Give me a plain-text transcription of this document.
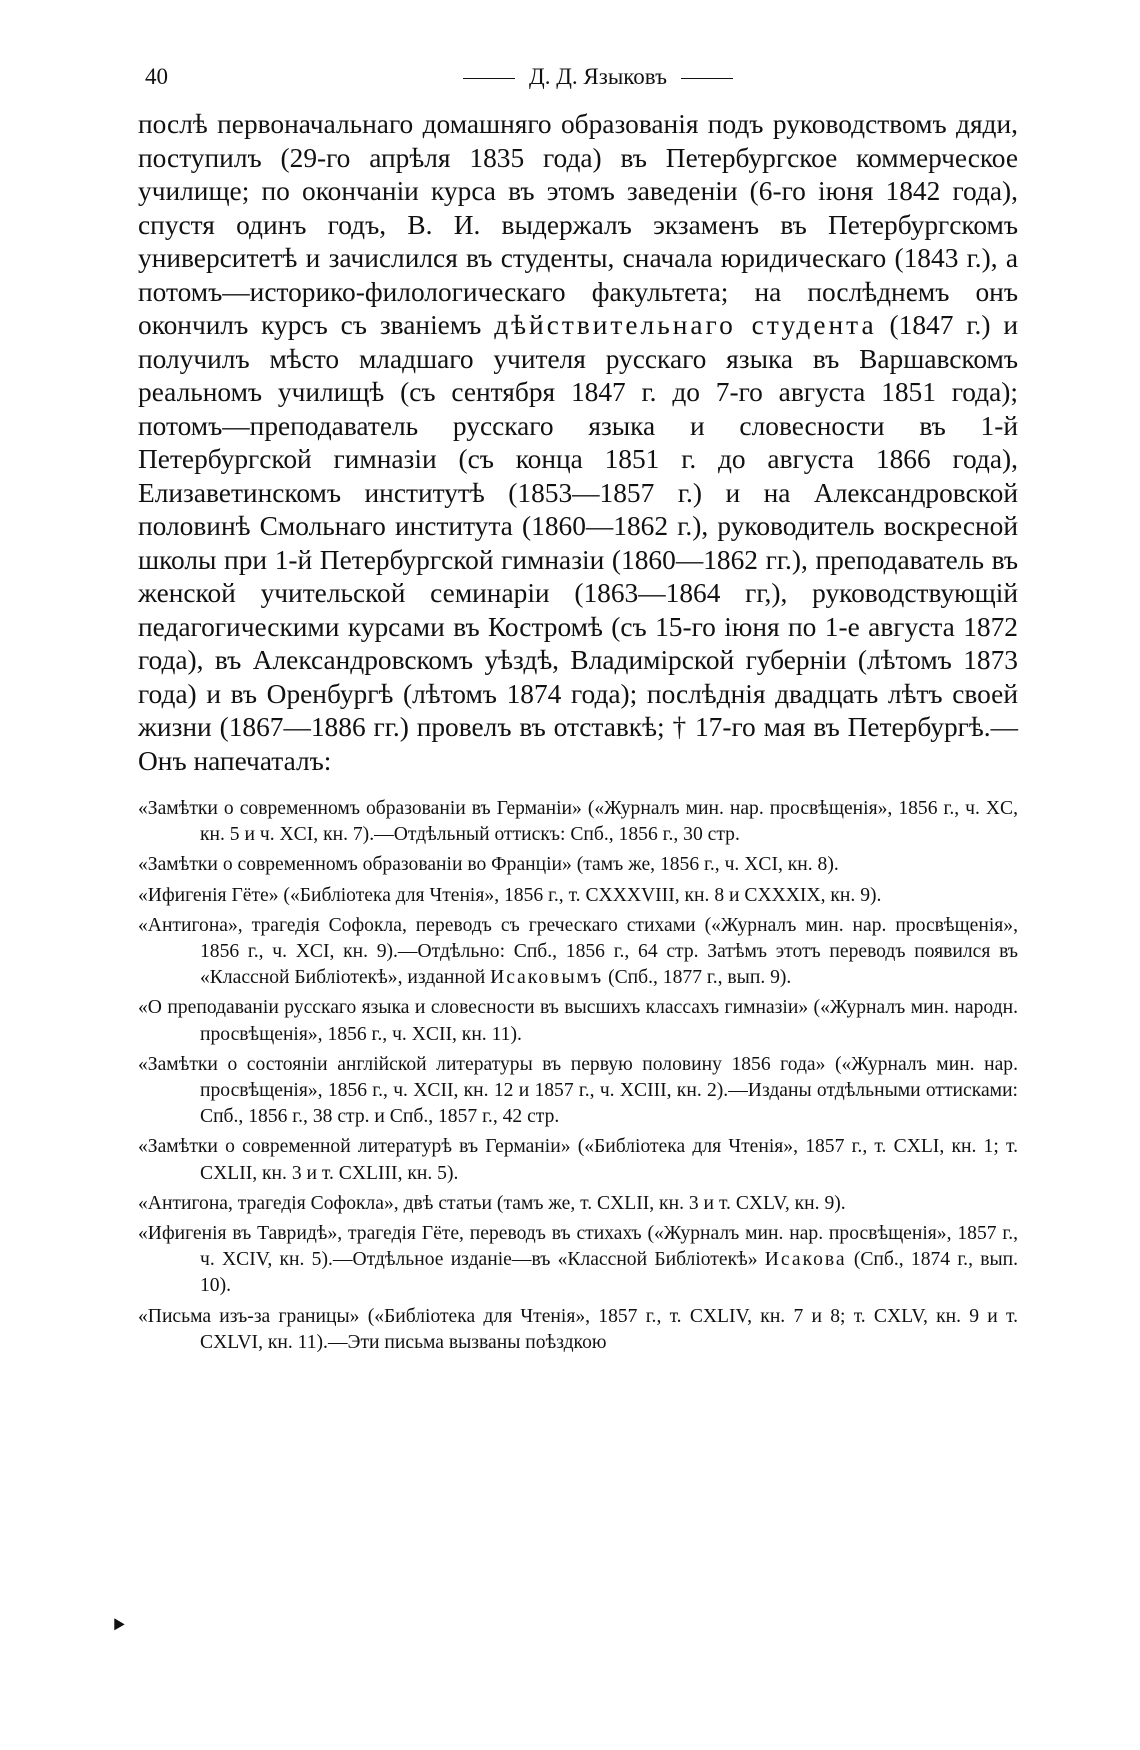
40	Д. Д. Языковъ

послѣ первоначальнаго домашняго образованія подъ руководствомъ дяди, поступилъ (29-го апрѣля 1835 года) въ Петербургское коммерческое училище; по окончаніи курса въ этомъ заведеніи (6-го іюня 1842 года), спустя одинъ годъ, В. И. выдержалъ экзаменъ въ Петербургскомъ университетѣ и зачислился въ студенты, сначала юридическаго (1843 г.), а потомъ—историко-филологическаго факультета; на послѣднемъ онъ окончилъ курсъ съ званіемъ дѣйствительнаго студента (1847 г.) и получилъ мѣсто младшаго учителя русскаго языка въ Варшавскомъ реальномъ училищѣ (съ сентября 1847 г. до 7-го августа 1851 года); потомъ—преподаватель русскаго языка и словесности въ 1-й Петербургской гимназіи (съ конца 1851 г. до августа 1866 года), Елизаветинскомъ институтѣ (1853—1857 г.) и на Александровской половинѣ Смольнаго института (1860—1862 г.), руководитель воскресной школы при 1-й Петербургской гимназіи (1860—1862 гг.), преподаватель въ женской учительской семинаріи (1863—1864 гг,), руководствующій педагогическими курсами въ Костромѣ (съ 15-го іюня по 1-е августа 1872 года), въ Александровскомъ уѣздѣ, Владимірской губерніи (лѣтомъ 1873 года) и въ Оренбургѣ (лѣтомъ 1874 года); послѣднія двадцать лѣтъ своей жизни (1867—1886 гг.) провелъ въ отставкѣ; † 17-го мая въ Петербургѣ.—Онъ напечаталъ:

«Замѣтки о современномъ образованіи въ Германіи» («Журналъ мин. нар. просвѣщенія», 1856 г., ч. XC, кн. 5 и ч. XCI, кн. 7).—Отдѣльный оттискъ: Спб., 1856 г., 30 стр.
«Замѣтки о современномъ образованіи во Франціи» (тамъ же, 1856 г., ч. XCI, кн. 8).
«Ифигенія Гёте» («Библіотека для Чтенія», 1856 г., т. CXXXVIII, кн. 8 и CXXXIX, кн. 9).
«Антигона», трагедія Софокла, переводъ съ греческаго стихами («Журналъ мин. нар. просвѣщенія», 1856 г., ч. XCI, кн. 9).—Отдѣльно: Спб., 1856 г., 64 стр. Затѣмъ этотъ переводъ появился въ «Классной Библіотекѣ», изданной Исаковымъ (Спб., 1877 г., вып. 9).
«О преподаваніи русскаго языка и словесности въ высшихъ классахъ гимназіи» («Журналъ мин. народн. просвѣщенія», 1856 г., ч. XCII, кн. 11).
«Замѣтки о состояніи англійской литературы въ первую половину 1856 года» («Журналъ мин. нар. просвѣщенія», 1856 г., ч. XCII, кн. 12 и 1857 г., ч. XCIII, кн. 2).—Изданы отдѣльными оттисками: Спб., 1856 г., 38 стр. и Спб., 1857 г., 42 стр.
«Замѣтки о современной литературѣ въ Германіи» («Библіотека для Чтенія», 1857 г., т. CXLI, кн. 1; т. CXLII, кн. 3 и т. CXLIII, кн. 5).
«Антигона, трагедія Софокла», двѣ статьи (тамъ же, т. CXLII, кн. 3 и т. CXLV, кн. 9).
«Ифигенія въ Тавридѣ», трагедія Гёте, переводъ въ стихахъ («Журналъ мин. нар. просвѣщенія», 1857 г., ч. XCIV, кн. 5).—Отдѣльное изданіе—въ «Классной Библіотекѣ» Исакова (Спб., 1874 г., вып. 10).
«Письма изъ-за границы» («Библіотека для Чтенія», 1857 г., т. CXLIV, кн. 7 и 8; т. CXLV, кн. 9 и т. CXLVI, кн. 11).—Эти письма вызваны поѣздкою
⯈
